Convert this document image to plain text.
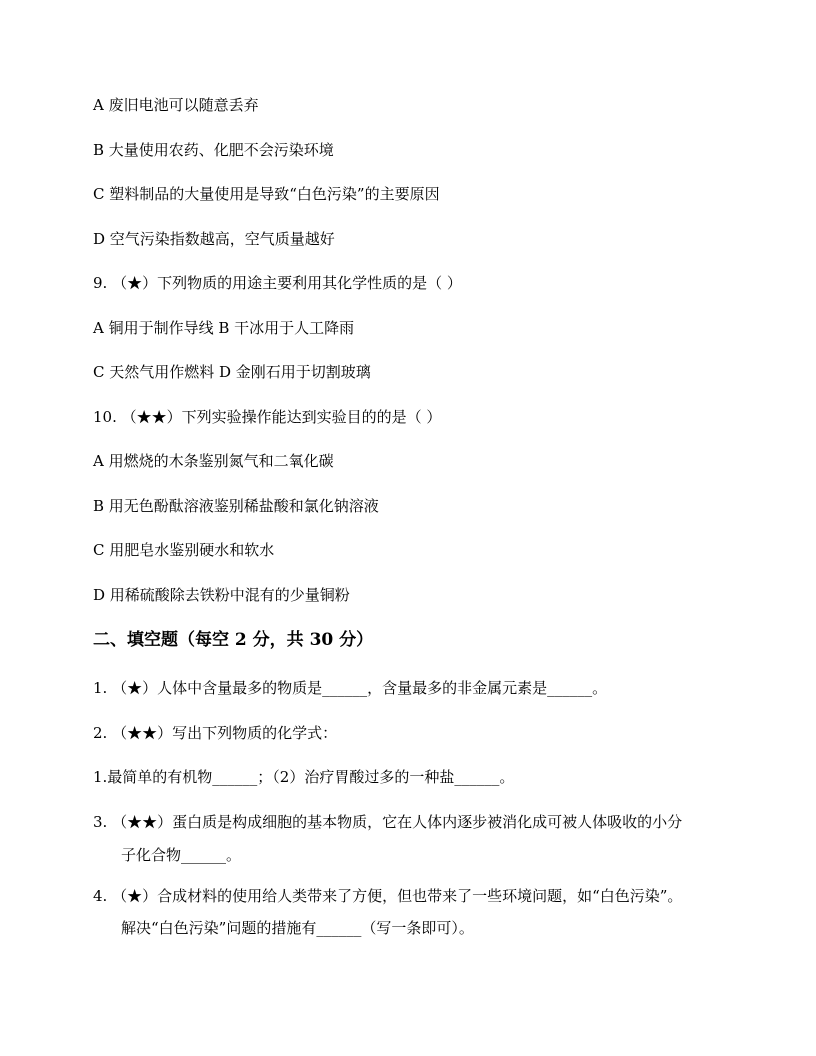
A 废旧电池可以随意丢弃
B 大量使用农药、化肥不会污染环境
C 塑料制品的大量使用是导致“白色污染”的主要原因
D 空气污染指数越高，空气质量越好
9. （★）下列物质的用途主要利用其化学性质的是（ ）
A 铜用于制作导线 B 干冰用于人工降雨
C 天然气用作燃料 D 金刚石用于切割玻璃
10. （★★）下列实验操作能达到实验目的的是（ ）
A 用燃烧的木条鉴别氮气和二氧化碳
B 用无色酚酞溶液鉴别稀盐酸和氯化钠溶液
C 用肥皂水鉴别硬水和软水
D 用稀硫酸除去铁粉中混有的少量铜粉
二、填空题（每空 2 分，共 30 分）
1. （★）人体中含量最多的物质是______，含量最多的非金属元素是______。
2. （★★）写出下列物质的化学式：
1.最简单的有机物______；（2）治疗胃酸过多的一种盐______。
3. （★★）蛋白质是构成细胞的基本物质，它在人体内逐步被消化成可被人体吸收的小分
子化合物______。
4. （★）合成材料的使用给人类带来了方便，但也带来了一些环境问题，如“白色污染”。
解决“白色污染”问题的措施有______（写一条即可）。
